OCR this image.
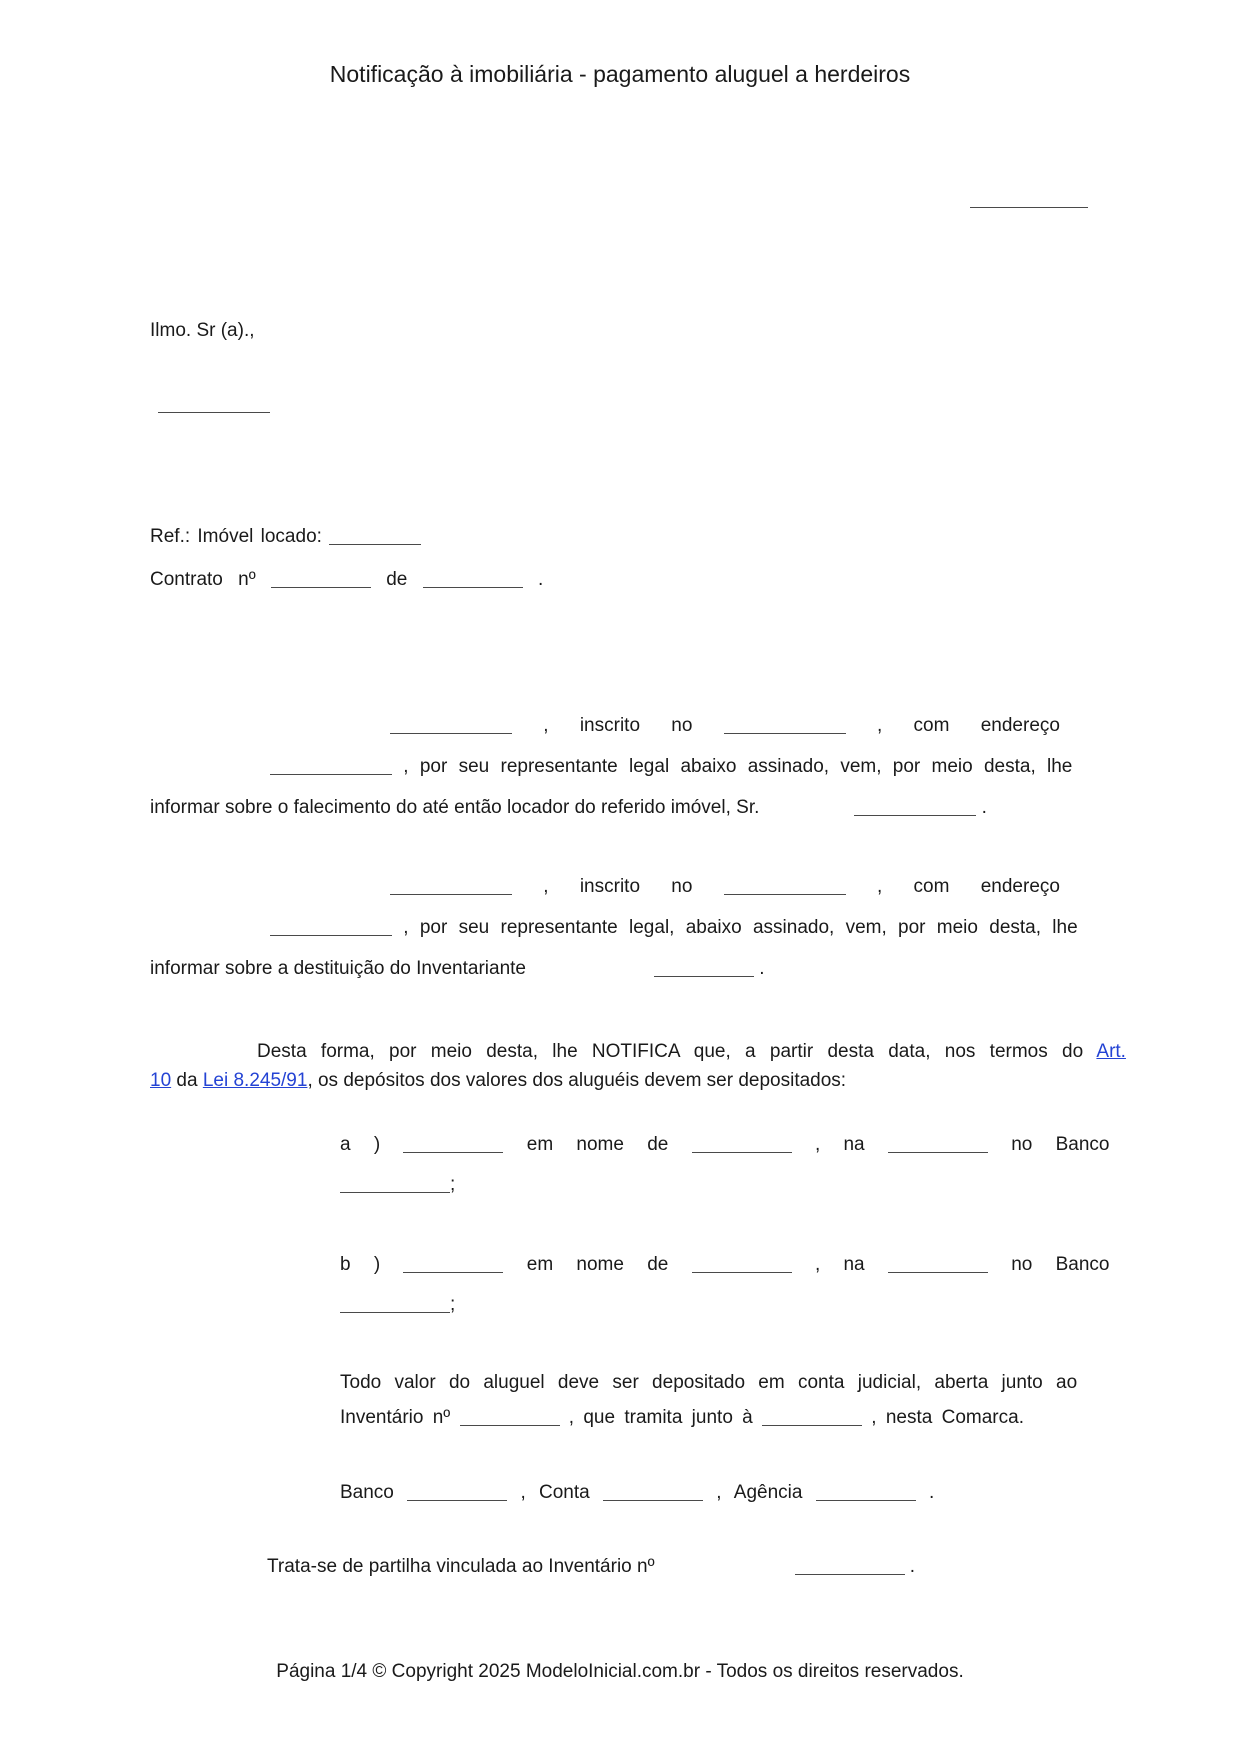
Notificação à imobiliária - pagamento aluguel a herdeiros
Ilmo. Sr (a).,
Ref.: Imóvel locado:
Contrato nº	de	.
, inscrito no	, com endereço
, por seu representante legal abaixo assinado, vem, por meio desta, lhe
informar sobre o falecimento do até então locador do referido imóvel, Sr.	.
, inscrito no	, com endereço
, por seu representante legal, abaixo assinado, vem, por meio desta, lhe
informar sobre a destituição do Inventariante	.
Desta forma, por meio desta, lhe NOTIFICA que, a partir desta data, nos termos do Art.
10 da Lei 8.245/91, os depósitos dos valores dos aluguéis devem ser depositados:
a )	em nome de	, na	no Banco
;
b )	em nome de	, na	no Banco
;
Todo valor do aluguel deve ser depositado em conta judicial, aberta junto ao
Inventário nº	, que tramita junto à	, nesta Comarca.
Banco	, Conta	, Agência	.
Trata-se de partilha vinculada ao Inventário nº	.
Página 1/4 © Copyright 2025 ModeloInicial.com.br - Todos os direitos reservados.
